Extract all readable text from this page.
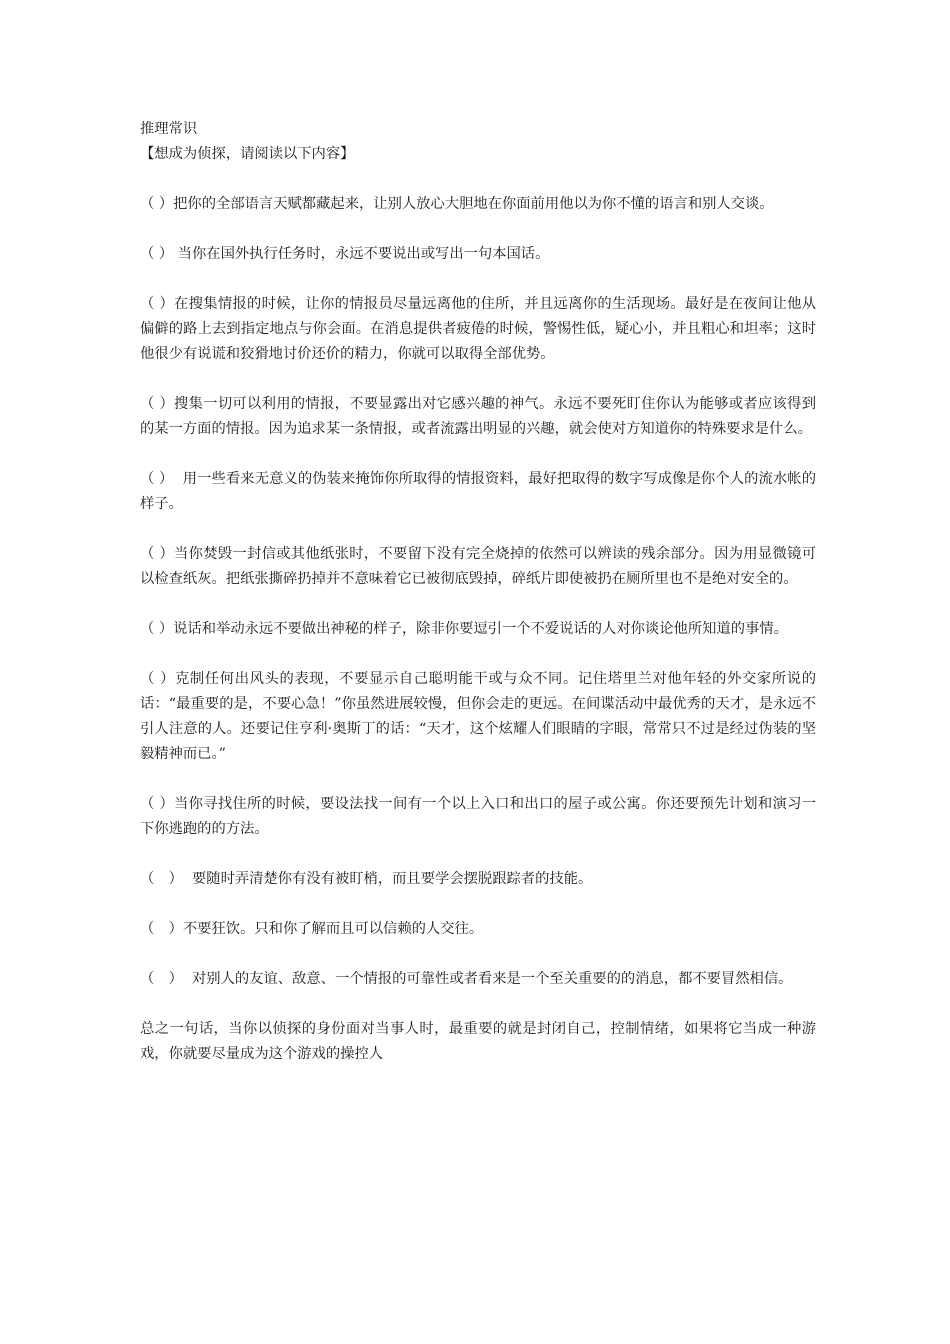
推理常识

【想成为侦探，请阅读以下内容】

（ ）把你的全部语言天赋都藏起来，让别人放心大胆地在你面前用他以为你不懂的语言和别人交谈。

（ ） 当你在国外执行任务时，永远不要说出或写出一句本国话。

（ ）在搜集情报的时候，让你的情报员尽量远离他的住所，并且远离你的生活现场。最好是在夜间让他从偏僻的路上去到指定地点与你会面。在消息提供者疲倦的时候，警惕性低，疑心小，并且粗心和坦率；这时他很少有说谎和狡猾地讨价还价的精力，你就可以取得全部优势。

（ ）搜集一切可以利用的情报，不要显露出对它感兴趣的神气。永远不要死盯住你认为能够或者应该得到的某一方面的情报。因为追求某一条情报，或者流露出明显的兴趣，就会使对方知道你的特殊要求是什么。

（ ）  用一些看来无意义的伪装来掩饰你所取得的情报资料，最好把取得的数字写成像是你个人的流水帐的样子。

（ ）当你焚毁一封信或其他纸张时，不要留下没有完全烧掉的依然可以辨读的残余部分。因为用显微镜可以检查纸灰。把纸张撕碎扔掉并不意味着它已被彻底毁掉，碎纸片即使被扔在厕所里也不是绝对安全的。

（ ）说话和举动永远不要做出神秘的样子，除非你要逗引一个不爱说话的人对你谈论他所知道的事情。

（ ）克制任何出风头的表现，不要显示自己聪明能干或与众不同。记住塔里兰对他年轻的外交家所说的话：“最重要的是，不要心急！”你虽然进展较慢，但你会走的更远。在间谍活动中最优秀的天才，是永远不引人注意的人。还要记住亨利·奥斯丁的话：“天才，这个炫耀人们眼睛的字眼，常常只不过是经过伪装的坚毅精神而已。”

（ ）当你寻找住所的时候，要设法找一间有一个以上入口和出口的屋子或公寓。你还要预先计划和演习一下你逃跑的的方法。

（　）  要随时弄清楚你有没有被盯梢，而且要学会摆脱跟踪者的技能。

（　）不要狂饮。只和你了解而且可以信赖的人交往。

（　）  对别人的友谊、敌意、一个情报的可靠性或者看来是一个至关重要的的消息，都不要冒然相信。

总之一句话，当你以侦探的身份面对当事人时，最重要的就是封闭自己，控制情绪，如果将它当成一种游戏，你就要尽量成为这个游戏的操控人
